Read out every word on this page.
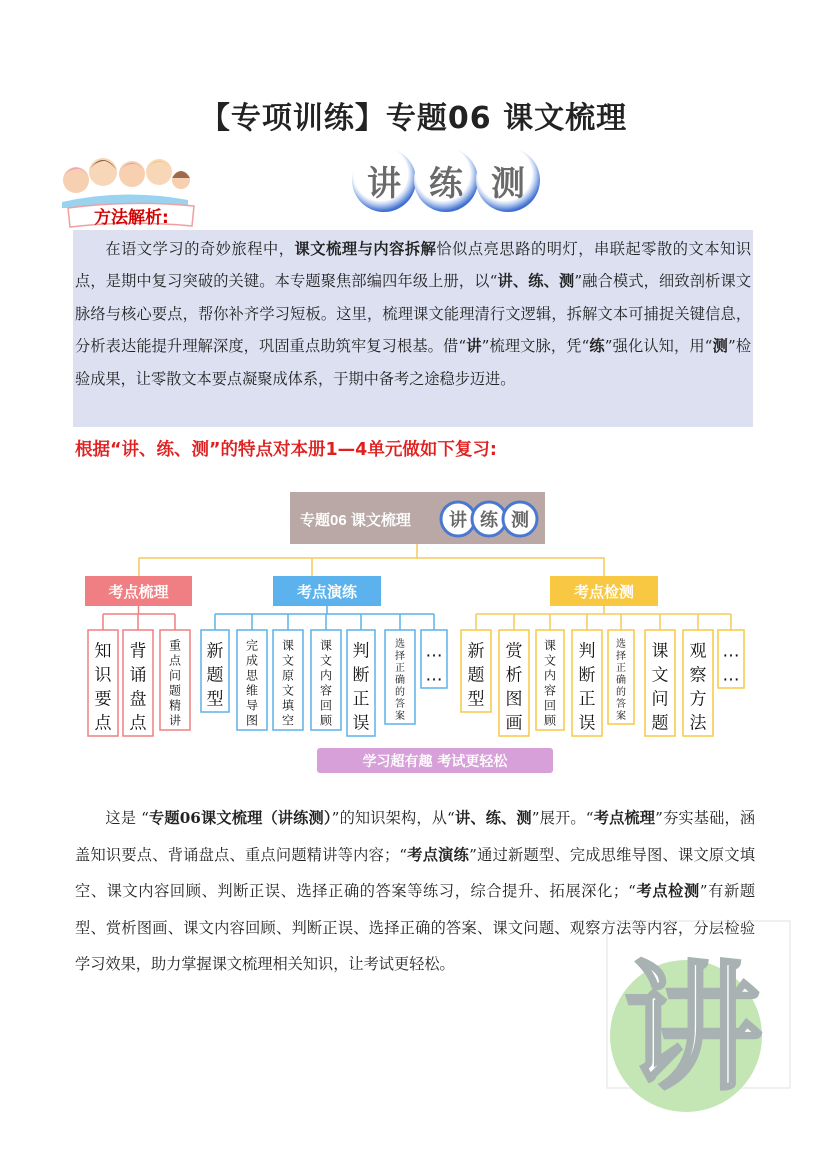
【专项训练】专题06 课文梳理
讲 练 测
方法解析:

在语文学习的奇妙旅程中，课文梳理与内容拆解恰似点亮思路的明灯，串联起零散的文本知识点，是期中复习突破的关键。本专题聚焦部编四年级上册，以“讲、练、测”融合模式，细致剖析课文脉络与核心要点，帮你补齐学习短板。这里，梳理课文能理清行文逻辑，拆解文本可捕捉关键信息，分析表达能提升理解深度，巩固重点助筑牢复习根基。借“讲”梳理文脉，凭“练”强化认知，用“测”检验成果，让零散文本要点凝聚成体系，于期中备考之途稳步迈进。

根据“讲、练、测”的特点对本册1—4单元做如下复习:
专题06 课文梳理 讲 练 测
考点梳理
知
识
要
点
背
诵
盘
点
重
点
问
题
精
讲
考点演练
新
题
型
完
成
思
维
导
图
课
文
原
文
填
空
课
文
内
容
回
顾
判
断
正
误
选
择
正
确
的
答
案
…
…
考点检测
新
题
型
赏
析
图
画
课
文
内
容
回
顾
判
断
正
误
选
择
正
确
的
答
案
课
文
问
题
观
察
方
法
…
…
学习超有趣 考试更轻松

这是 “专题06课文梳理（讲练测）”的知识架构，从“讲、练、测”展开。“考点梳理”夯实基础，涵盖知识要点、背诵盘点、重点问题精讲等内容；“考点演练”通过新题型、完成思维导图、课文原文填空、课文内容回顾、判断正误、选择正确的答案等练习，综合提升、拓展深化；“考点检测”有新题型、赏析图画、课文内容回顾、判断正误、选择正确的答案、课文问题、观察方法等内容，分层检验学习效果，助力掌握课文梳理相关知识，让考试更轻松。	讲
